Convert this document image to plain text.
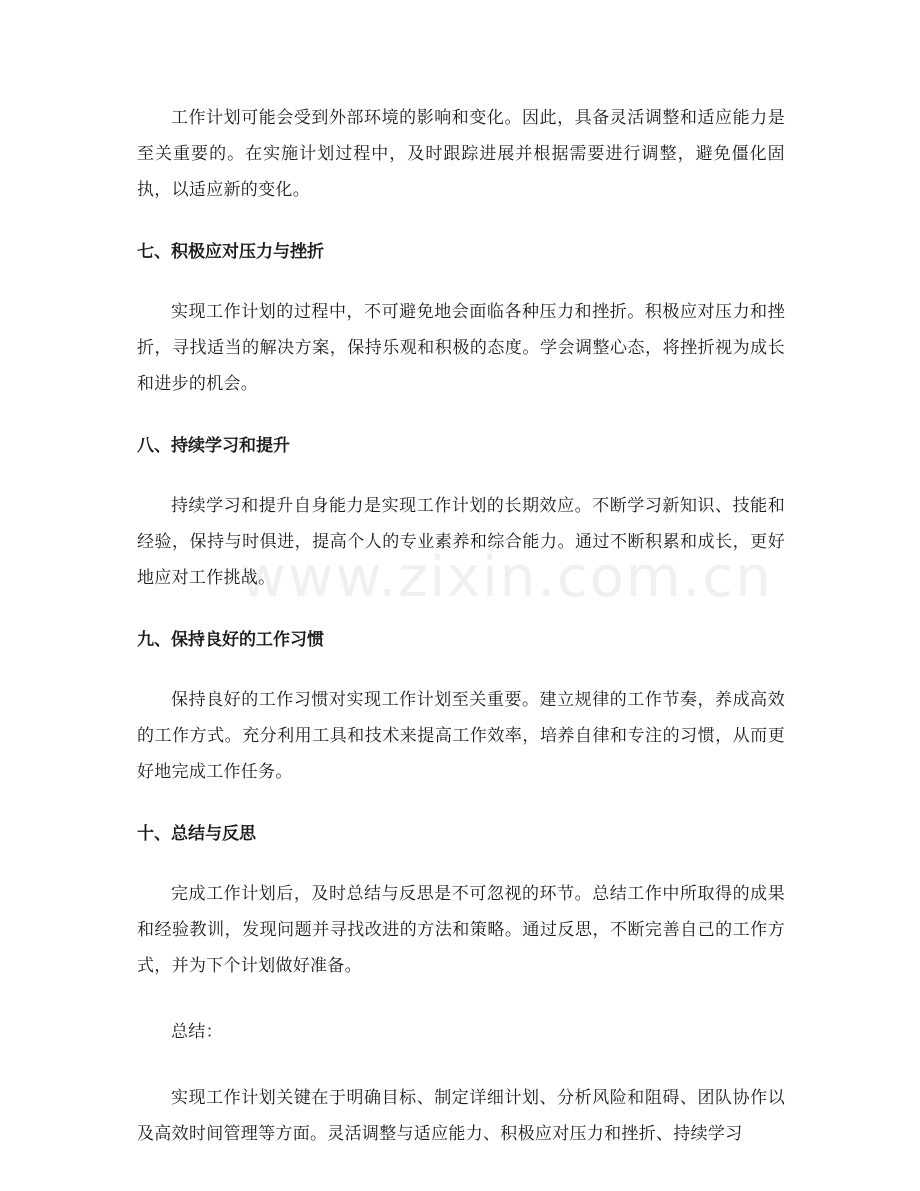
www.zixin.com.cn

工作计划可能会受到外部环境的影响和变化。因此，具备灵活调整和适应能力是至关重要的。在实施计划过程中，及时跟踪进展并根据需要进行调整，避免僵化固执，以适应新的变化。

七、积极应对压力与挫折

实现工作计划的过程中，不可避免地会面临各种压力和挫折。积极应对压力和挫折，寻找适当的解决方案，保持乐观和积极的态度。学会调整心态，将挫折视为成长和进步的机会。

八、持续学习和提升

持续学习和提升自身能力是实现工作计划的长期效应。不断学习新知识、技能和经验，保持与时俱进，提高个人的专业素养和综合能力。通过不断积累和成长，更好地应对工作挑战。

九、保持良好的工作习惯

保持良好的工作习惯对实现工作计划至关重要。建立规律的工作节奏，养成高效的工作方式。充分利用工具和技术来提高工作效率，培养自律和专注的习惯，从而更好地完成工作任务。

十、总结与反思

完成工作计划后，及时总结与反思是不可忽视的环节。总结工作中所取得的成果和经验教训，发现问题并寻找改进的方法和策略。通过反思，不断完善自己的工作方式，并为下个计划做好准备。

总结：

实现工作计划关键在于明确目标、制定详细计划、分析风险和阻碍、团队协作以及高效时间管理等方面。灵活调整与适应能力、积极应对压力和挫折、持续学习
